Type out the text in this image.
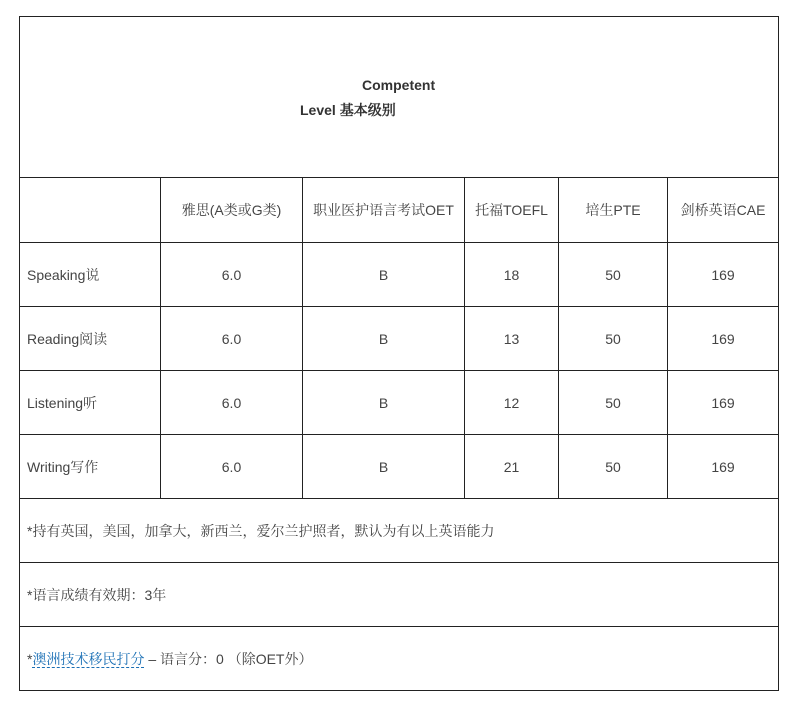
Competent
Level 基本级别					

	雅思(A类或G类)	职业医护语言考试OET	托福TOEFL	培生PTE	剑桥英语CAE
Speaking说	6.0	B	18	50	169
Reading阅读	6.0	B	13	50	169
Listening听	6.0	B	12	50	169
Writing写作	6.0	B	21	50	169
*持有英国，美国，加拿大，新西兰，爱尔兰护照者，默认为有以上英语能力					
*语言成绩有效期：3年					
*澳洲技术移民打分 – 语言分：0 （除OET外）					
